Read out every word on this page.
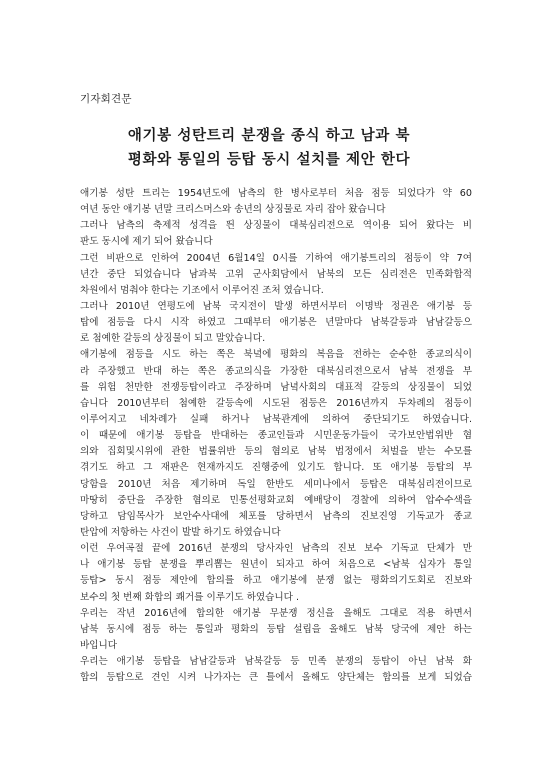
기자회견문
애기봉 성탄트리 분쟁을 종식 하고 남과 북
평화와 통일의 등탑 동시 설치를 제안 한다
애기봉 성탄 트리는 1954년도에 남측의 한 병사로부터 처음 점등 되었다가 약 60
여년 동안 애기봉 년말 크리스머스와 송년의 상징물로 자리 잡아 왔습니다
그러나 남측의 축제적 성격을 띈 상징물이 대북심리전으로 역이용 되어 왔다는 비
판도 동시에 제기 되어 왔습니다
그런 비판으로 인하여 2004년 6월14일 0시를 기하여 애기봉트리의 점등이 약 7여
년간 중단 되었습니다 남과북 고위 군사회담에서 남북의 모든 심리전은 민족화합적
차원에서 멈춰야 한다는 기조에서 이루어진 조처 였습니다.
그러나 2010년 연평도에 남북 국지전이 발생 하면서부터 이명박 정권은 애기봉 등
탑에 점등을 다시 시작 하였고 그때부터 애기봉은 년말마다 남북갈등과 남남갈등으
로 첨예한 갈등의 상징물이 되고 말았습니다.
애기봉에 점등을 시도 하는 쪽은 북녘에 평화의 복음을 전하는 순수한 종교의식이
라 주장했고 반대 하는 쪽은 종교의식을 가장한 대북심리전으로서 남북 전쟁을 부
를 위험 천만한 전쟁등탑이라고 주장하며 남녘사회의 대표적 갈등의 상징물이 되었
습니다 2010년부터 첨예한 갈등속에 시도된 점등은 2016년까지 두차례의 점등이
이루어지고 네차례가 실패 하거나 남북관계에 의하여 중단되기도 하였습니다.
이 때문에 애기봉 등탑을 반대하는 종교인들과 시민운동가들이 국가보안법위반 혐
의와 집회및시위에 관한 법률위반 등의 혐의로 남북 법정에서 처벌을 받는 수모를
겪기도 하고 그 재판은 현재까지도 진행중에 있기도 합니다. 또 애기봉 등탑의 부
당함을 2010년 처음 제기하며 독일 한반도 세미나에서 등탑은 대북심리전이므로
마땅히 중단을 주장한 혐의로 민통선평화교회 예배당이 경찰에 의하여 압수수색을
당하고 담임목사가 보안수사대에 체포를 당하면서 남측의 진보진영 기독교가 종교
탄압에 저항하는 사건이 발발 하기도 하였습니다
이런 우여곡절 끝에 2016년 분쟁의 당사자인 남측의 진보 보수 기독교 단체가 만
나 애기봉 등탑 분쟁을 뿌리뽑는 원년이 되자고 하여 처음으로 <남북 십자가 통일
등탑> 동시 점등 제안에 합의를 하고 애기봉에 분쟁 없는 평화의기도회로 진보와
보수의 첫 번째 화합의 쾌거를 이루기도 하였습니다 .
우리는 작년 2016년에 합의한 애기봉 무분쟁 정신을 올해도 그대로 적용 하면서
남북 동시에 점등 하는 통일과 평화의 등탑 설립을 올해도 남북 당국에 제안 하는
바입니다
우리는 애기봉 등탑을 남남갈등과 남북갈등 등 민족 분쟁의 등탑이 아닌 남북 화
합의 등탑으로 견인 시켜 나가자는 큰 틀에서 올해도 양단체는 합의를 보게 되었습
